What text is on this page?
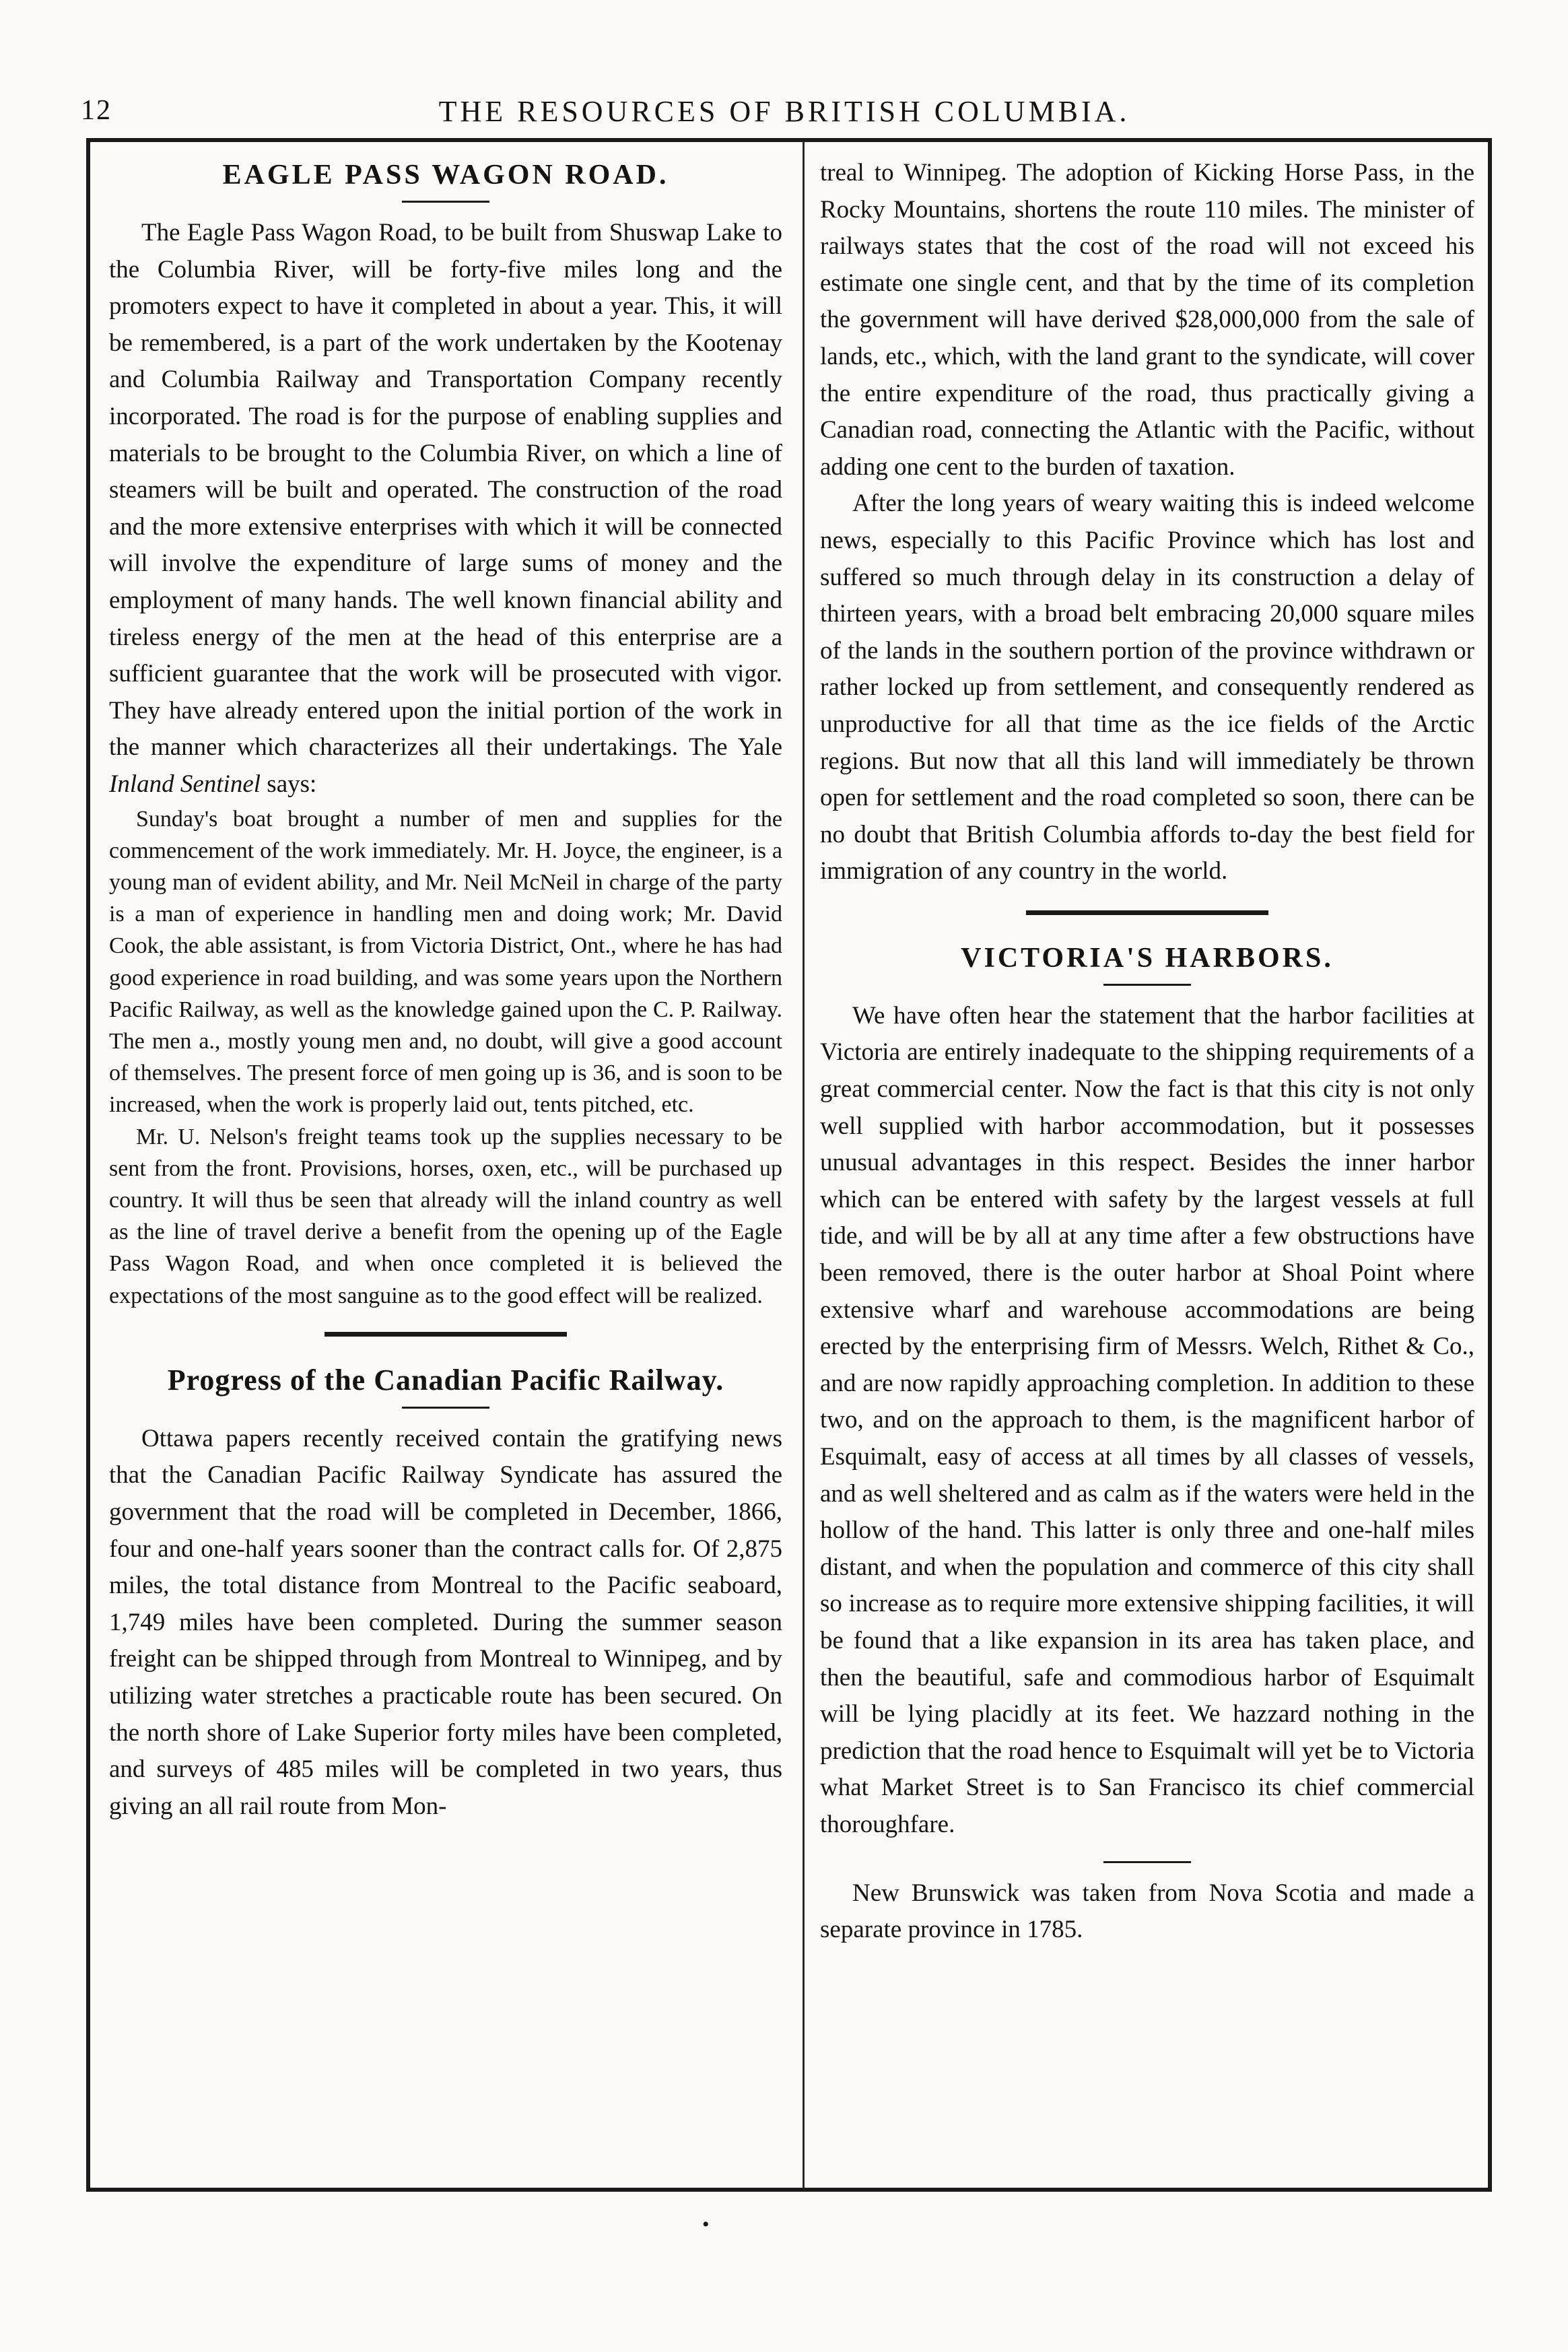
12	THE RESOURCES OF BRITISH COLUMBIA.
EAGLE PASS WAGON ROAD.

The Eagle Pass Wagon Road, to be built from Shuswap Lake to the Columbia River, will be forty-five miles long and the promoters expect to have it completed in about a year. This, it will be remembered, is a part of the work undertaken by the Kootenay and Columbia Railway and Transportation Company recently incorporated. The road is for the purpose of enabling supplies and materials to be brought to the Columbia River, on which a line of steamers will be built and operated. The construction of the road and the more extensive enterprises with which it will be connected will involve the expenditure of large sums of money and the employment of many hands. The well known financial ability and tireless energy of the men at the head of this enterprise are a sufficient guarantee that the work will be prosecuted with vigor. They have already entered upon the initial portion of the work in the manner which characterizes all their undertakings. The Yale Inland Sentinel says:

Sunday's boat brought a number of men and supplies for the commencement of the work immediately. Mr. H. Joyce, the engineer, is a young man of evident ability, and Mr. Neil McNeil in charge of the party is a man of experience in handling men and doing work; Mr. David Cook, the able assistant, is from Victoria District, Ont., where he has had good experience in road building, and was some years upon the Northern Pacific Railway, as well as the knowledge gained upon the C. P. Railway. The men a., mostly young men and, no doubt, will give a good account of themselves. The present force of men going up is 36, and is soon to be increased, when the work is properly laid out, tents pitched, etc.

Mr. U. Nelson's freight teams took up the supplies necessary to be sent from the front. Provisions, horses, oxen, etc., will be purchased up country. It will thus be seen that already will the inland country as well as the line of travel derive a benefit from the opening up of the Eagle Pass Wagon Road, and when once completed it is believed the expectations of the most sanguine as to the good effect will be realized.

Progress of the Canadian Pacific Railway.

Ottawa papers recently received contain the gratifying news that the Canadian Pacific Railway Syndicate has assured the government that the road will be completed in December, 1866, four and one-half years sooner than the contract calls for. Of 2,875 miles, the total distance from Montreal to the Pacific seaboard, 1,749 miles have been completed. During the summer season freight can be shipped through from Montreal to Winnipeg, and by utilizing water stretches a practicable route has been secured. On the north shore of Lake Superior forty miles have been completed, and surveys of 485 miles will be completed in two years, thus giving an all rail route from Mon-

treal to Winnipeg. The adoption of Kicking Horse Pass, in the Rocky Mountains, shortens the route 110 miles. The minister of railways states that the cost of the road will not exceed his estimate one single cent, and that by the time of its completion the government will have derived $28,000,000 from the sale of lands, etc., which, with the land grant to the syndicate, will cover the entire expenditure of the road, thus practically giving a Canadian road, connecting the Atlantic with the Pacific, without adding one cent to the burden of taxation.

After the long years of weary waiting this is indeed welcome news, especially to this Pacific Province which has lost and suffered so much through delay in its construction a delay of thirteen years, with a broad belt embracing 20,000 square miles of the lands in the southern portion of the province withdrawn or rather locked up from settlement, and consequently rendered as unproductive for all that time as the ice fields of the Arctic regions. But now that all this land will immediately be thrown open for settlement and the road completed so soon, there can be no doubt that British Columbia affords to-day the best field for immigration of any country in the world.

VICTORIA'S HARBORS.

We have often hear the statement that the harbor facilities at Victoria are entirely inadequate to the shipping requirements of a great commercial center. Now the fact is that this city is not only well supplied with harbor accommodation, but it possesses unusual advantages in this respect. Besides the inner harbor which can be entered with safety by the largest vessels at full tide, and will be by all at any time after a few obstructions have been removed, there is the outer harbor at Shoal Point where extensive wharf and warehouse accommodations are being erected by the enterprising firm of Messrs. Welch, Rithet & Co., and are now rapidly approaching completion. In addition to these two, and on the approach to them, is the magnificent harbor of Esquimalt, easy of access at all times by all classes of vessels, and as well sheltered and as calm as if the waters were held in the hollow of the hand. This latter is only three and one-half miles distant, and when the population and commerce of this city shall so increase as to require more extensive shipping facilities, it will be found that a like expansion in its area has taken place, and then the beautiful, safe and commodious harbor of Esquimalt will be lying placidly at its feet. We hazzard nothing in the prediction that the road hence to Esquimalt will yet be to Victoria what Market Street is to San Francisco its chief commercial thoroughfare.

New Brunswick was taken from Nova Scotia and made a separate province in 1785.

•
